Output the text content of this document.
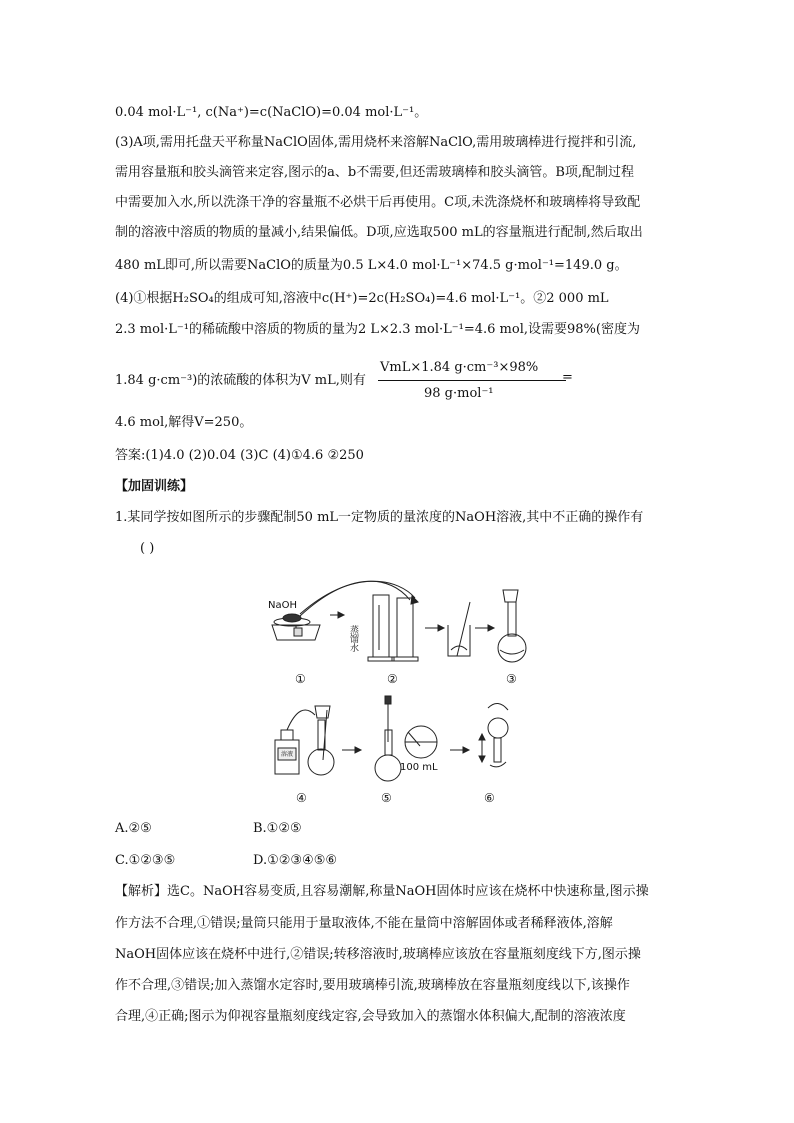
0.04 mol·L⁻¹, c(Na⁺)=c(NaClO)=0.04 mol·L⁻¹。
(3)A项,需用托盘天平称量NaClO固体,需用烧杯来溶解NaClO,需用玻璃棒进行搅拌和引流,
需用容量瓶和胶头滴管来定容,图示的a、b不需要,但还需玻璃棒和胶头滴管。B项,配制过程
中需要加入水,所以洗涤干净的容量瓶不必烘干后再使用。C项,未洗涤烧杯和玻璃棒将导致配
制的溶液中溶质的物质的量减小,结果偏低。D项,应选取500 mL的容量瓶进行配制,然后取出
480 mL即可,所以需要NaClO的质量为0.5 L×4.0 mol·L⁻¹×74.5 g·mol⁻¹=149.0 g。
(4)①根据H₂SO₄的组成可知,溶液中c(H⁺)=2c(H₂SO₄)=4.6 mol·L⁻¹。②2 000 mL
2.3 mol·L⁻¹的稀硫酸中溶质的物质的量为2 L×2.3 mol·L⁻¹=4.6 mol,设需要98%(密度为
1.84 g·cm⁻³)的浓硫酸的体积为V mL,则有
VmL×1.84 g·cm⁻³×98%
98 g·mol⁻¹
=
4.6 mol,解得V=250。
答案:(1)4.0 (2)0.04 (3)C (4)①4.6 ②250
【加固训练】
1.某同学按如图所示的步骤配制50 mL一定物质的量浓度的NaOH溶液,其中不正确的操作有
( )
NaOH
蒸馏水
①	②	③
溶液
100 mL
④	⑤	⑥
A.②⑤	B.①②⑤
C.①②③⑤	D.①②③④⑤⑥
【解析】选C。NaOH容易变质,且容易潮解,称量NaOH固体时应该在烧杯中快速称量,图示操
作方法不合理,①错误;量筒只能用于量取液体,不能在量筒中溶解固体或者稀释液体,溶解
NaOH固体应该在烧杯中进行,②错误;转移溶液时,玻璃棒应该放在容量瓶刻度线下方,图示操
作不合理,③错误;加入蒸馏水定容时,要用玻璃棒引流,玻璃棒放在容量瓶刻度线以下,该操作
合理,④正确;图示为仰视容量瓶刻度线定容,会导致加入的蒸馏水体积偏大,配制的溶液浓度
